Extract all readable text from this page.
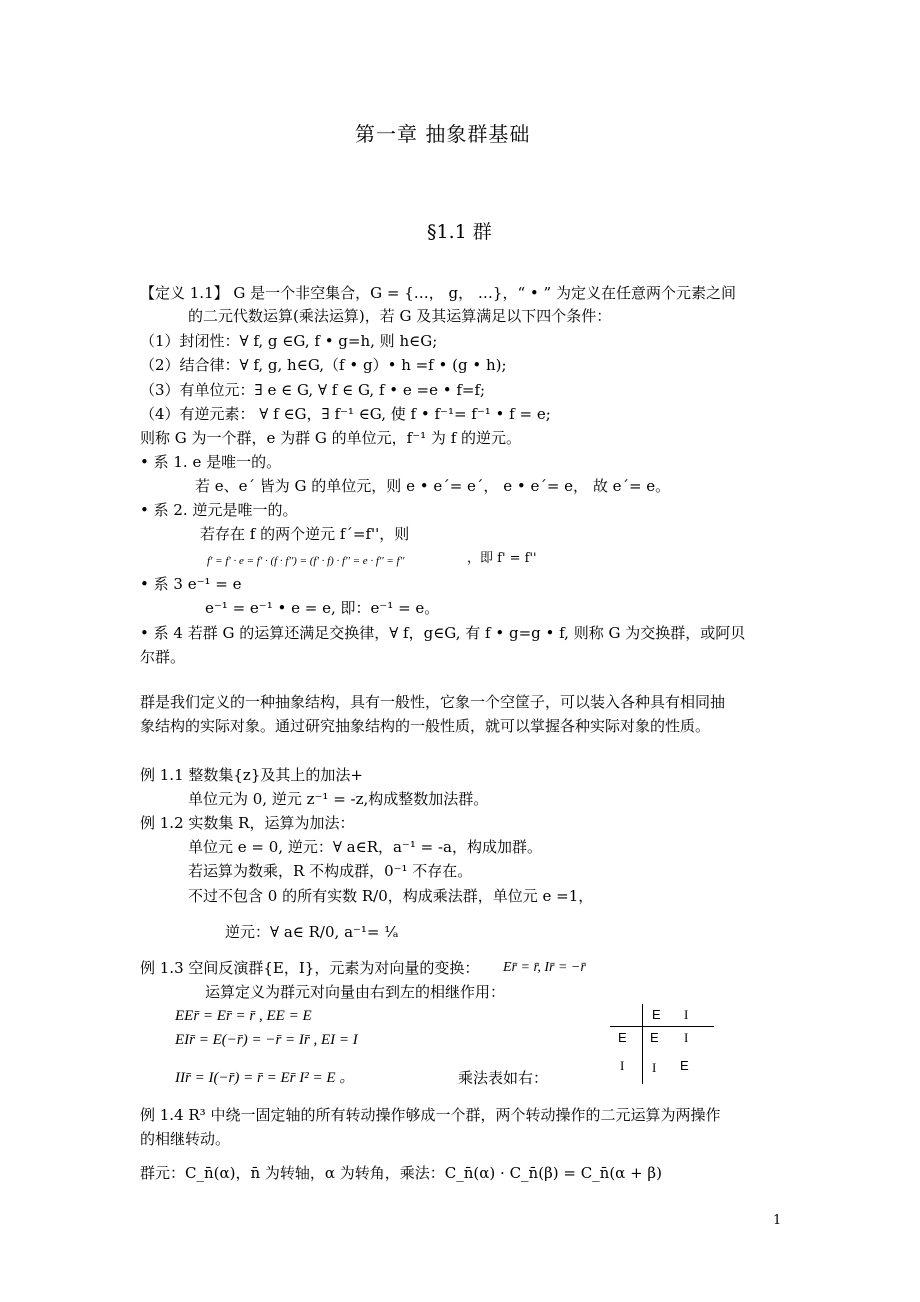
第一章 抽象群基础
§1.1 群
【定义 1.1】 G 是一个非空集合，G = {…， g， …}，“ • ” 为定义在任意两个元素之间
的二元代数运算(乘法运算)，若 G 及其运算满足以下四个条件：
（1）封闭性：∀ f, g ∈G, f • g=h, 则 h∈G;
（2）结合律：∀ f, g, h∈G,（f • g）• h =f • (g • h);
（3）有单位元：∃ e ∈ G, ∀ f ∈ G, f • e =e • f=f;
（4）有逆元素： ∀ f ∈G，∃ f⁻¹ ∈G, 使 f • f⁻¹= f⁻¹ • f = e;
则称 G 为一个群，e 为群 G 的单位元，f⁻¹ 为 f 的逆元。
• 系 1. e 是唯一的。
若 e、e´ 皆为 G 的单位元，则 e • e´= e´， e • e´= e， 故 e´= e。
• 系 2. 逆元是唯一的。
若存在 f 的两个逆元 f´=f''，则
f' = f' · e = f' · (f · f'') = (f' · f) · f'' = e · f'' = f''	，即 f' = f''
• 系 3 e⁻¹ = e
e⁻¹ = e⁻¹ • e = e, 即：e⁻¹ = e。
• 系 4 若群 G 的运算还满足交换律，∀ f，g∈G, 有 f • g=g • f, 则称 G 为交换群，或阿贝
尔群。
群是我们定义的一种抽象结构，具有一般性，它象一个空筐子，可以装入各种具有相同抽
象结构的实际对象。通过研究抽象结构的一般性质，就可以掌握各种实际对象的性质。
例 1.1 整数集{z}及其上的加法+
单位元为 0, 逆元 z⁻¹ = -z,构成整数加法群。
例 1.2 实数集 R，运算为加法：
单位元 e = 0, 逆元：∀ a∈R，a⁻¹ = -a，构成加群。
若运算为数乘，R 不构成群，0⁻¹ 不存在。
不过不包含 0 的所有实数 R/0，构成乘法群，单位元 e =1，
逆元：∀ a∈ R/0, a⁻¹= ¹⁄ₐ
例 1.3 空间反演群{E，I}，元素为对向量的变换： Er̄ = r̄, Ir̄ = −r̄
运算定义为群元对向量由右到左的相继作用：
EEr̄ = Er̄ = r̄ , EE = E
EIr̄ = E(−r̄) = −r̄ = Ir̄ , EI = I
IIr̄ = I(−r̄) = r̄ = Er̄ I² = E 。	乘法表如右：
E I
E E I
I I E
例 1.4 R³ 中绕一固定轴的所有转动操作够成一个群，两个转动操作的二元运算为两操作
的相继转动。
群元：C_n̄(α)，n̄ 为转轴，α 为转角，乘法：C_n̄(α) · C_n̄(β) = C_n̄(α + β)
1
